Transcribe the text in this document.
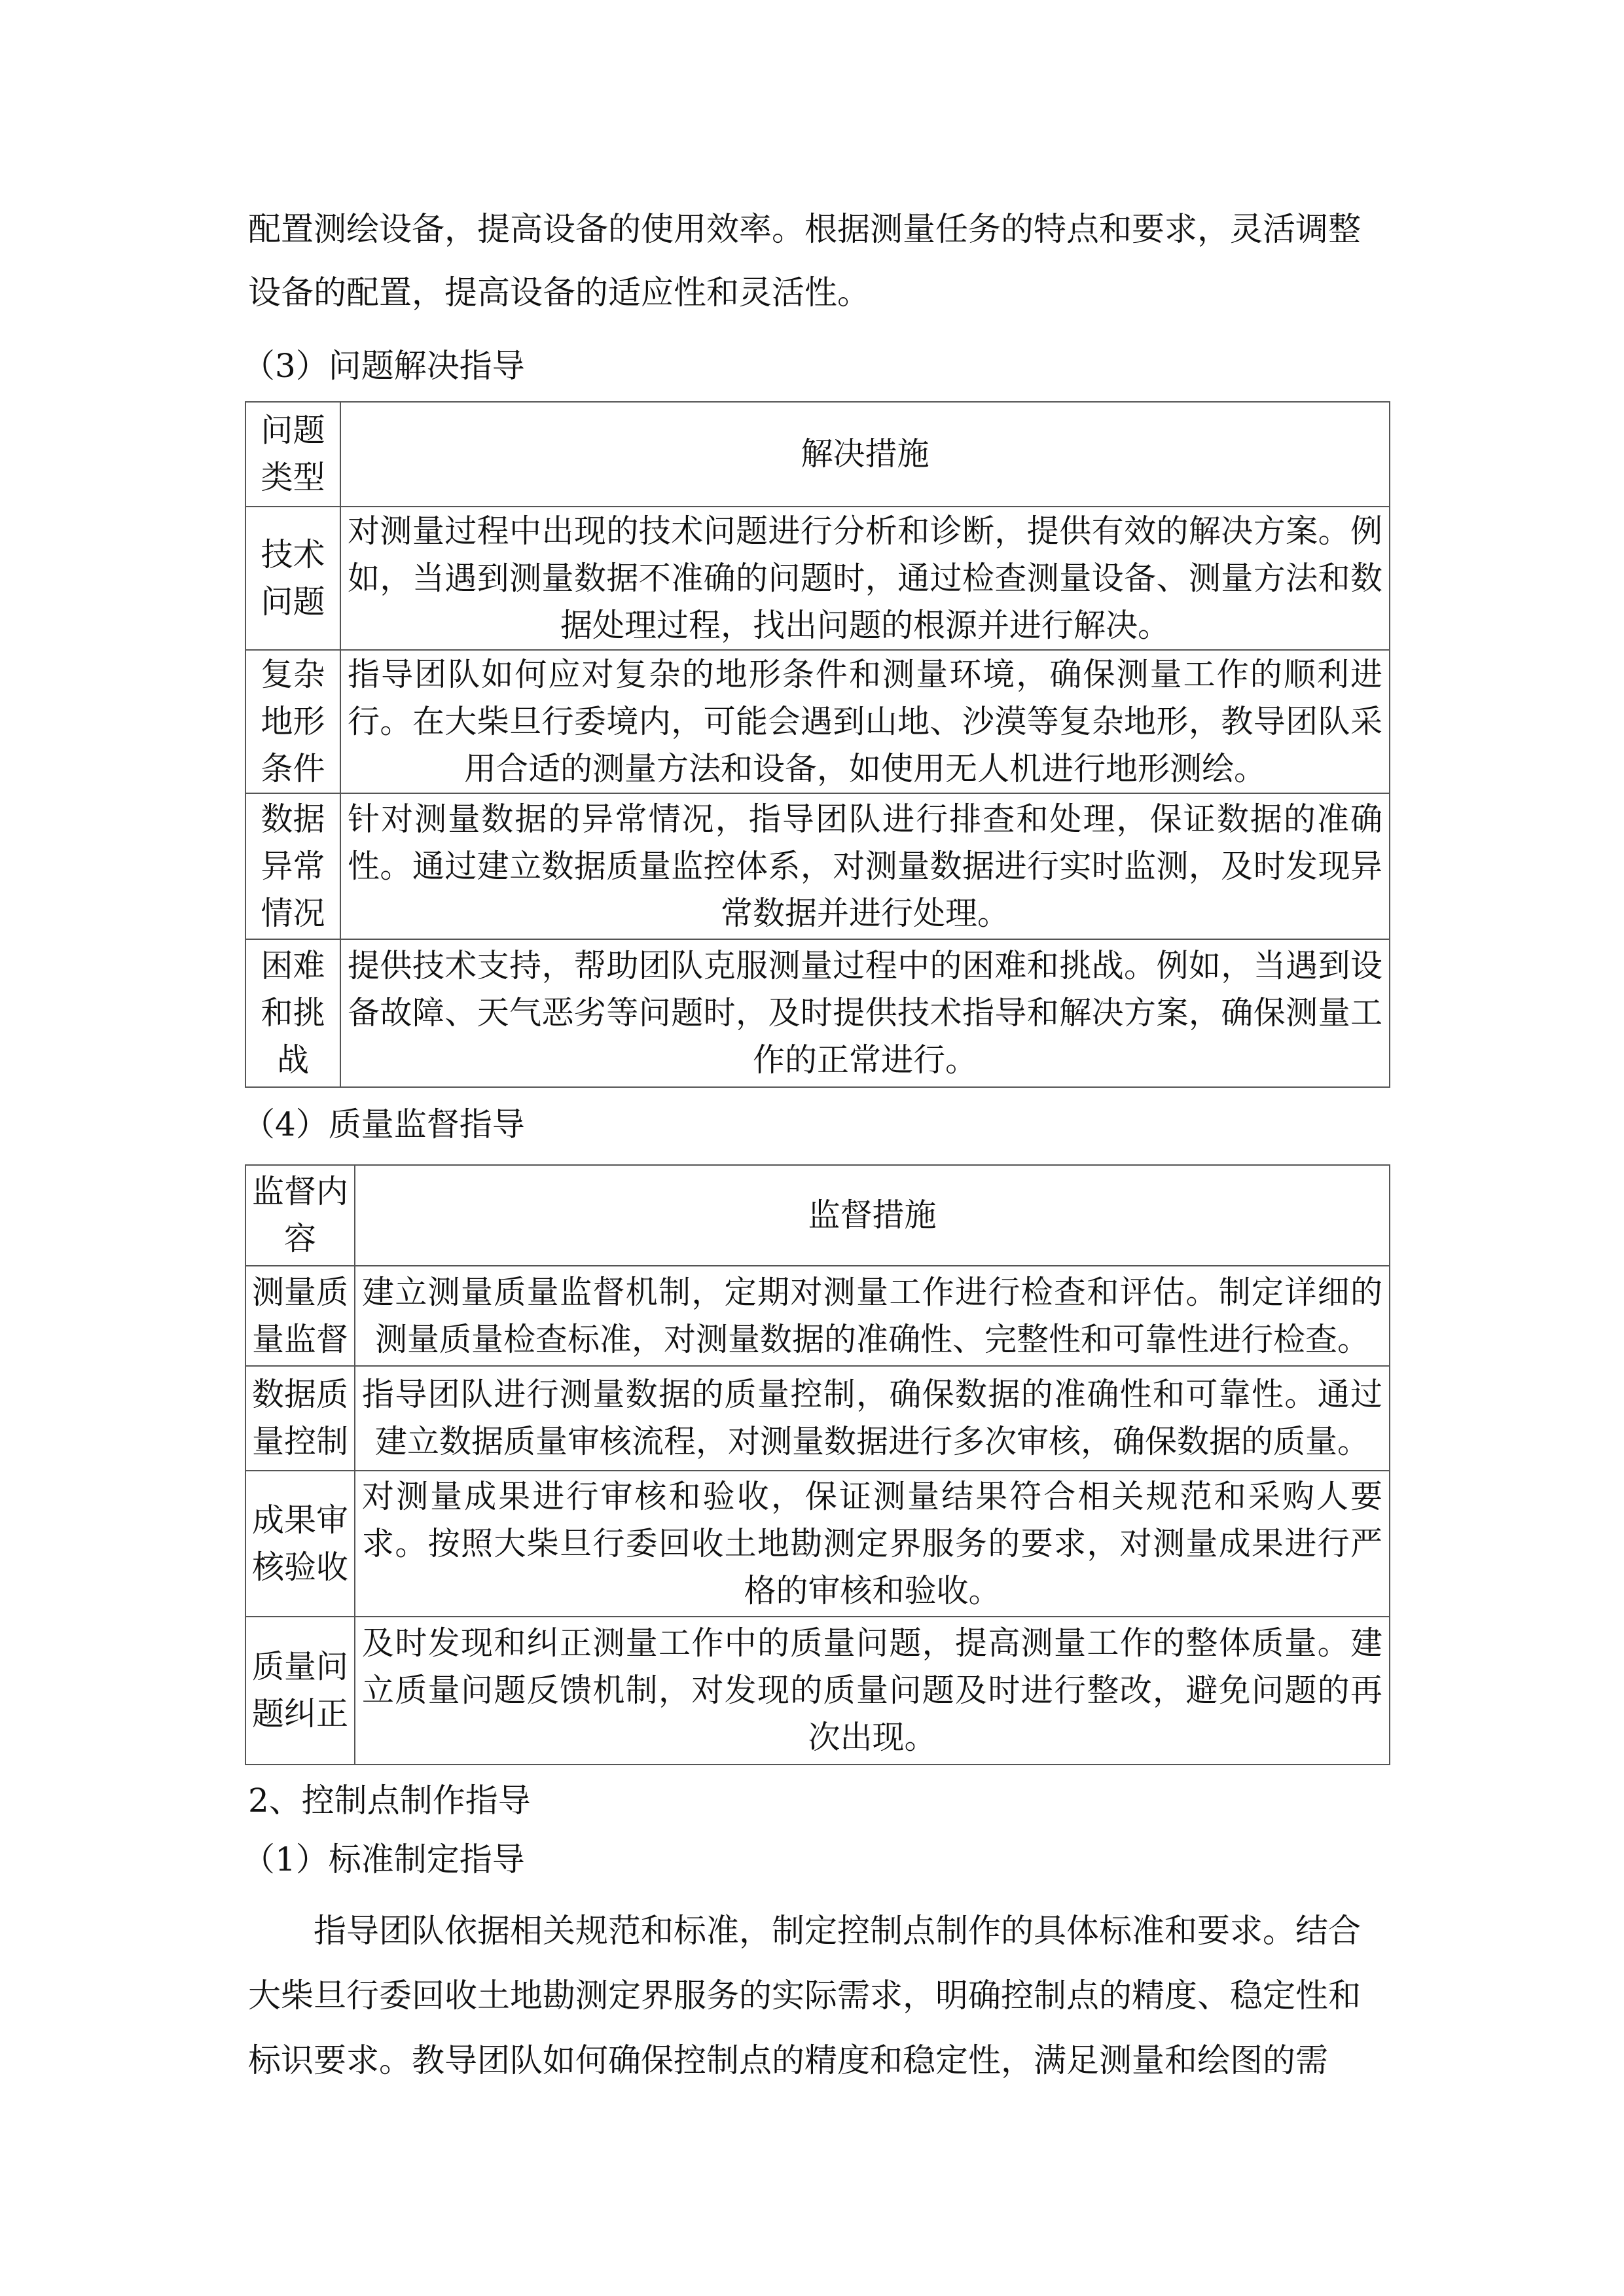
配置测绘设备，提高设备的使用效率。根据测量任务的特点和要求，灵活调整
设备的配置，提高设备的适应性和灵活性。
（3）问题解决指导
问题类型	解决措施
技术问题	对测量过程中出现的技术问题进行分析和诊断，提供有效的解决方案。例如，当遇到测量数据不准确的问题时，通过检查测量设备、测量方法和数据处理过程，找出问题的根源并进行解决。
复杂地形条件	指导团队如何应对复杂的地形条件和测量环境，确保测量工作的顺利进行。在大柴旦行委境内，可能会遇到山地、沙漠等复杂地形，教导团队采用合适的测量方法和设备，如使用无人机进行地形测绘。
数据异常情况	针对测量数据的异常情况，指导团队进行排查和处理，保证数据的准确性。通过建立数据质量监控体系，对测量数据进行实时监测，及时发现异常数据并进行处理。
困难和挑战	提供技术支持，帮助团队克服测量过程中的困难和挑战。例如，当遇到设备故障、天气恶劣等问题时，及时提供技术指导和解决方案，确保测量工作的正常进行。
（4）质量监督指导
监督内容	监督措施
测量质量监督	建立测量质量监督机制，定期对测量工作进行检查和评估。制定详细的测量质量检查标准，对测量数据的准确性、完整性和可靠性进行检查。
数据质量控制	指导团队进行测量数据的质量控制，确保数据的准确性和可靠性。通过建立数据质量审核流程，对测量数据进行多次审核，确保数据的质量。
成果审核验收	对测量成果进行审核和验收，保证测量结果符合相关规范和采购人要求。按照大柴旦行委回收土地勘测定界服务的要求，对测量成果进行严格的审核和验收。
质量问题纠正	及时发现和纠正测量工作中的质量问题，提高测量工作的整体质量。建立质量问题反馈机制，对发现的质量问题及时进行整改，避免问题的再次出现。
2、控制点制作指导
（1）标准制定指导
指导团队依据相关规范和标准，制定控制点制作的具体标准和要求。结合
大柴旦行委回收土地勘测定界服务的实际需求，明确控制点的精度、稳定性和
标识要求。教导团队如何确保控制点的精度和稳定性，满足测量和绘图的需
